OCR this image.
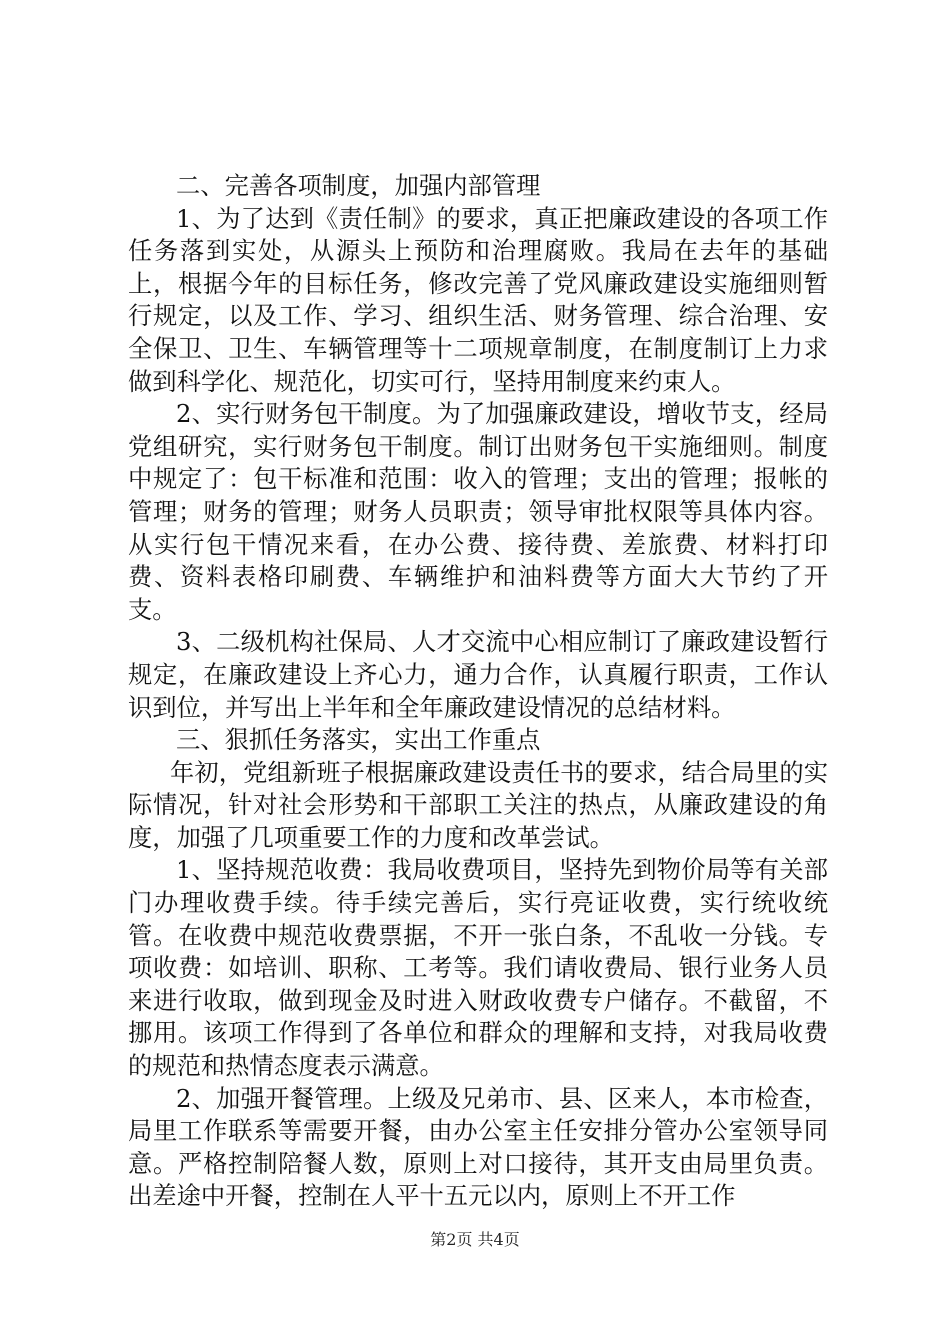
二、完善各项制度，加强内部管理

1、为了达到《责任制》的要求，真正把廉政建设的各项工作任务落到实处，从源头上预防和治理腐败。我局在去年的基础上，根据今年的目标任务，修改完善了党风廉政建设实施细则暂行规定，以及工作、学习、组织生活、财务管理、综合治理、安全保卫、卫生、车辆管理等十二项规章制度，在制度制订上力求做到科学化、规范化，切实可行，坚持用制度来约束人。

2、实行财务包干制度。为了加强廉政建设，增收节支，经局党组研究，实行财务包干制度。制订出财务包干实施细则。制度中规定了：包干标准和范围：收入的管理；支出的管理；报帐的管理；财务的管理；财务人员职责；领导审批权限等具体内容。从实行包干情况来看，在办公费、接待费、差旅费、材料打印费、资料表格印刷费、车辆维护和油料费等方面大大节约了开支。

3、二级机构社保局、人才交流中心相应制订了廉政建设暂行规定，在廉政建设上齐心力，通力合作，认真履行职责，工作认识到位，并写出上半年和全年廉政建设情况的总结材料。

三、狠抓任务落实，实出工作重点

年初，党组新班子根据廉政建设责任书的要求，结合局里的实际情况，针对社会形势和干部职工关注的热点，从廉政建设的角度，加强了几项重要工作的力度和改革尝试。

1、坚持规范收费：我局收费项目，坚持先到物价局等有关部门办理收费手续。待手续完善后，实行亮证收费，实行统收统管。在收费中规范收费票据，不开一张白条，不乱收一分钱。专项收费：如培训、职称、工考等。我们请收费局、银行业务人员来进行收取，做到现金及时进入财政收费专户储存。不截留，不挪用。该项工作得到了各单位和群众的理解和支持，对我局收费的规范和热情态度表示满意。

2、加强开餐管理。上级及兄弟市、县、区来人，本市检查，局里工作联系等需要开餐，由办公室主任安排分管办公室领导同意。严格控制陪餐人数，原则上对口接待，其开支由局里负责。出差途中开餐，控制在人平十五元以内，原则上不开工作

第2页 共4页
